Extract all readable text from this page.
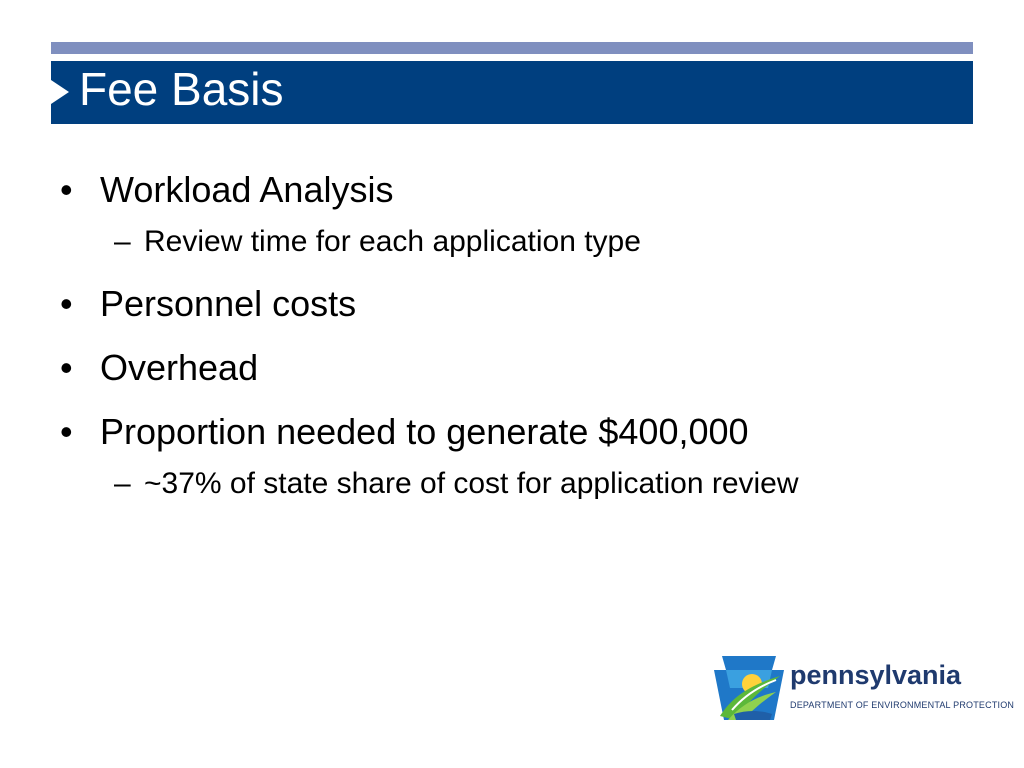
Fee Basis
• Workload Analysis
– Review time for each application type
• Personnel costs
• Overhead
• Proportion needed to generate $400,000
– ~37% of state share of cost for application review
pennsylvania
DEPARTMENT OF ENVIRONMENTAL PROTECTION
